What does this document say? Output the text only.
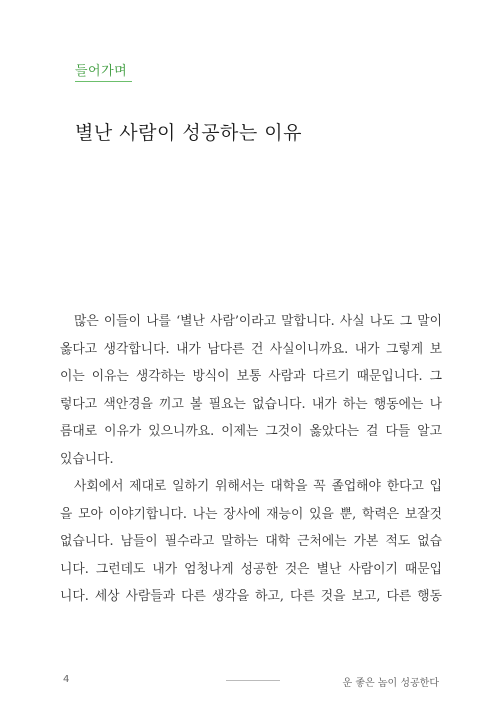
들어가며
별난 사람이 성공하는 이유

많은 이들이 나를 ‘별난 사람’이라고 말합니다. 사실 나도 그 말이
옳다고 생각합니다. 내가 남다른 건 사실이니까요. 내가 그렇게 보
이는 이유는 생각하는 방식이 보통 사람과 다르기 때문입니다. 그
렇다고 색안경을 끼고 볼 필요는 없습니다. 내가 하는 행동에는 나
름대로 이유가 있으니까요. 이제는 그것이 옳았다는 걸 다들 알고
있습니다.

사회에서 제대로 일하기 위해서는 대학을 꼭 졸업해야 한다고 입
을 모아 이야기합니다. 나는 장사에 재능이 있을 뿐, 학력은 보잘것
없습니다. 남들이 필수라고 말하는 대학 근처에는 가본 적도 없습
니다. 그런데도 내가 엄청나게 성공한 것은 별난 사람이기 때문입
니다. 세상 사람들과 다른 생각을 하고, 다른 것을 보고, 다른 행동

4	운 좋은 놈이 성공한다
